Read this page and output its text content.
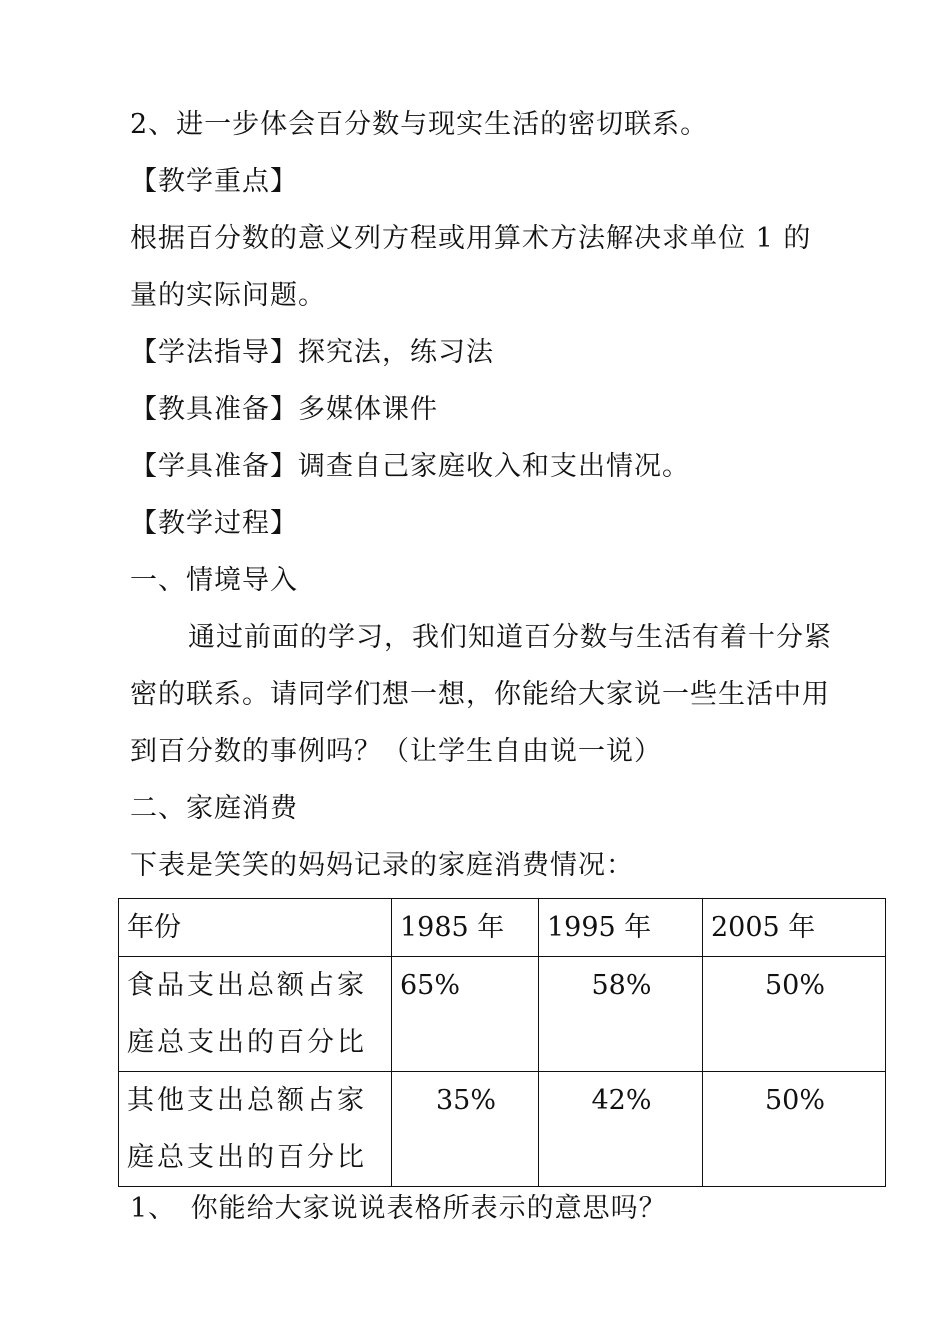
2、进一步体会百分数与现实生活的密切联系。
【教学重点】
根据百分数的意义列方程或用算术方法解决求单位 1 的
量的实际问题。
【学法指导】探究法，练习法
【教具准备】多媒体课件
【学具准备】调查自己家庭收入和支出情况。
【教学过程】
一、情境导入
通过前面的学习，我们知道百分数与生活有着十分紧
密的联系。请同学们想一想，你能给大家说一些生活中用
到百分数的事例吗？（让学生自由说一说）
二、家庭消费
下表是笑笑的妈妈记录的家庭消费情况：
年份	1985 年	1995 年	2005 年

食品支出总额占家
庭总支出的百分比	65%	58%	50%

其他支出总额占家
庭总支出的百分比	35%	42%	50%
1、　你能给大家说说表格所表示的意思吗？
